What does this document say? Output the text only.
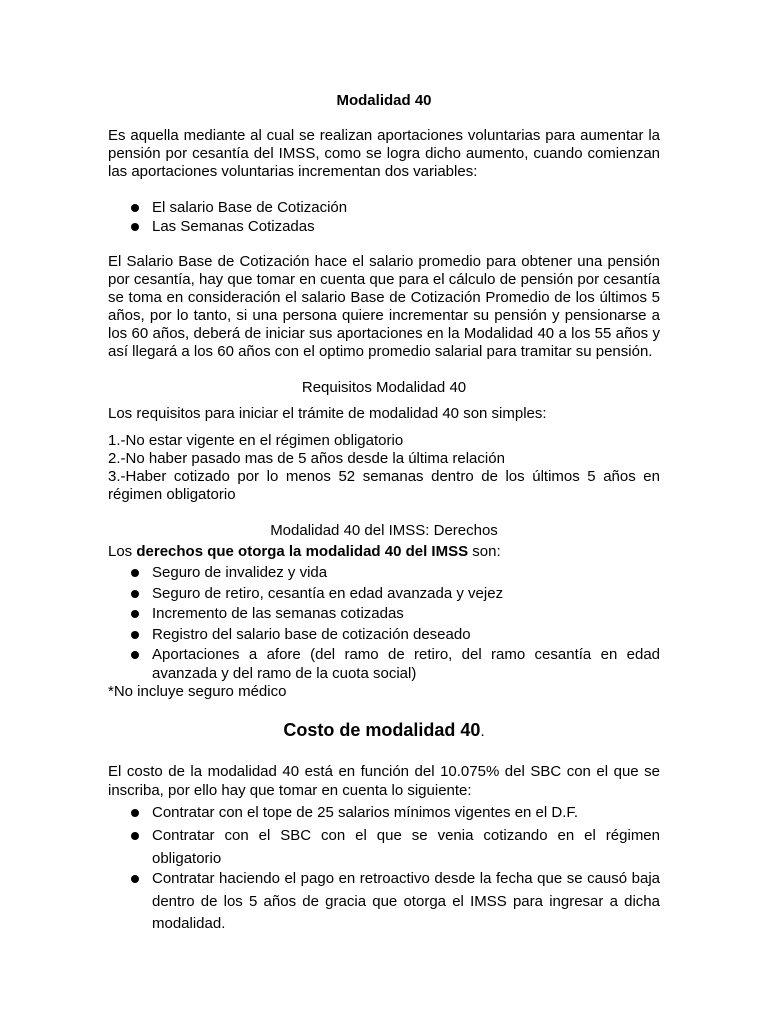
Modalidad 40
Es aquella mediante al cual se realizan aportaciones voluntarias para aumentar la
pensión por cesantía del IMSS, como se logra dicho aumento, cuando comienzan
las aportaciones voluntarias incrementan dos variables:
El salario Base de Cotización
Las Semanas Cotizadas
El Salario Base de Cotización hace el salario promedio para obtener una pensión
por cesantía, hay que tomar en cuenta que para el cálculo de pensión por cesantía
se toma en consideración el salario Base de Cotización Promedio de los últimos 5
años, por lo tanto, si una persona quiere incrementar su pensión y pensionarse a
los 60 años, deberá de iniciar sus aportaciones en la Modalidad 40 a los 55 años y
así llegará a los 60 años con el optimo promedio salarial para tramitar su pensión.
Requisitos Modalidad 40
Los requisitos para iniciar el trámite de modalidad 40 son simples:
1.-No estar vigente en el régimen obligatorio
2.-No haber pasado mas de 5 años desde la última relación
3.-Haber cotizado por lo menos 52 semanas dentro de los últimos 5 años en
régimen obligatorio
Modalidad 40 del IMSS: Derechos
Los derechos que otorga la modalidad 40 del IMSS son:
Seguro de invalidez y vida
Seguro de retiro, cesantía en edad avanzada y vejez
Incremento de las semanas cotizadas
Registro del salario base de cotización deseado
Aportaciones a afore (del ramo de retiro, del ramo cesantía en edad
avanzada y del ramo de la cuota social)
*No incluye seguro médico
Costo de modalidad 40.
El costo de la modalidad 40 está en función del 10.075% del SBC con el que se
inscriba, por ello hay que tomar en cuenta lo siguiente:
Contratar con el tope de 25 salarios mínimos vigentes en el D.F.
Contratar con el SBC con el que se venia cotizando en el régimen
obligatorio
Contratar haciendo el pago en retroactivo desde la fecha que se causó baja
dentro de los 5 años de gracia que otorga el IMSS para ingresar a dicha
modalidad.
